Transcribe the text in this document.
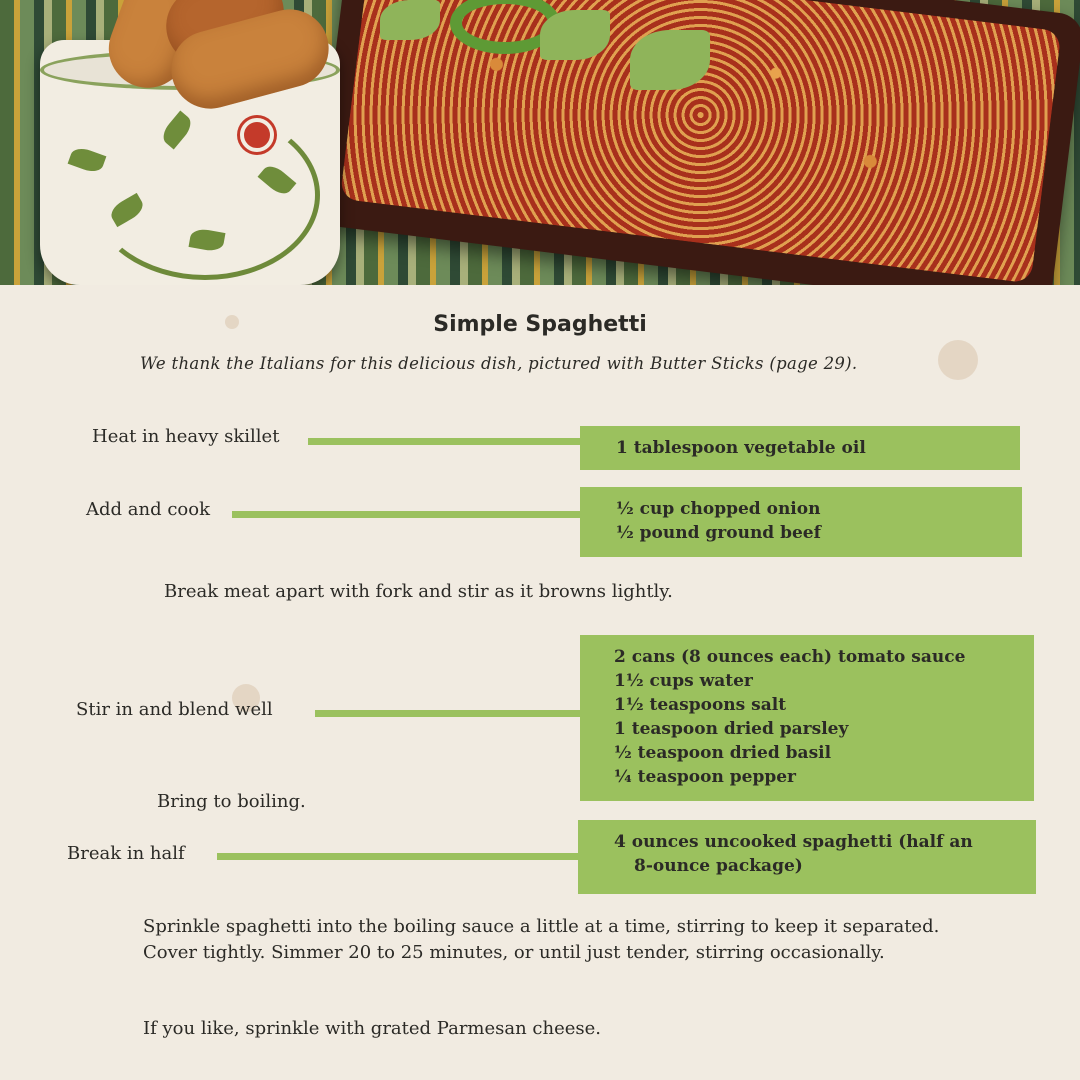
Simple Spaghetti
We thank the Italians for this delicious dish, pictured with Butter Sticks (page 29).
Heat in heavy skillet
1 tablespoon vegetable oil
Add and cook	½ cup chopped onion
½ pound ground beef
Break meat apart with fork and stir as it browns lightly.
Stir in and blend well
2 cans (8 ounces each) tomato sauce
1½ cups water
1½ teaspoons salt
1 teaspoon dried parsley
½ teaspoon dried basil
¼ teaspoon pepper
Bring to boiling.
Break in half
4 ounces uncooked spaghetti (half an
8-ounce package)
Sprinkle spaghetti into the boiling sauce a little at a time, stirring to keep it separated. Cover tightly. Simmer 20 to 25 minutes, or until just tender, stirring occasionally.
If you like, sprinkle with grated Parmesan cheese.
